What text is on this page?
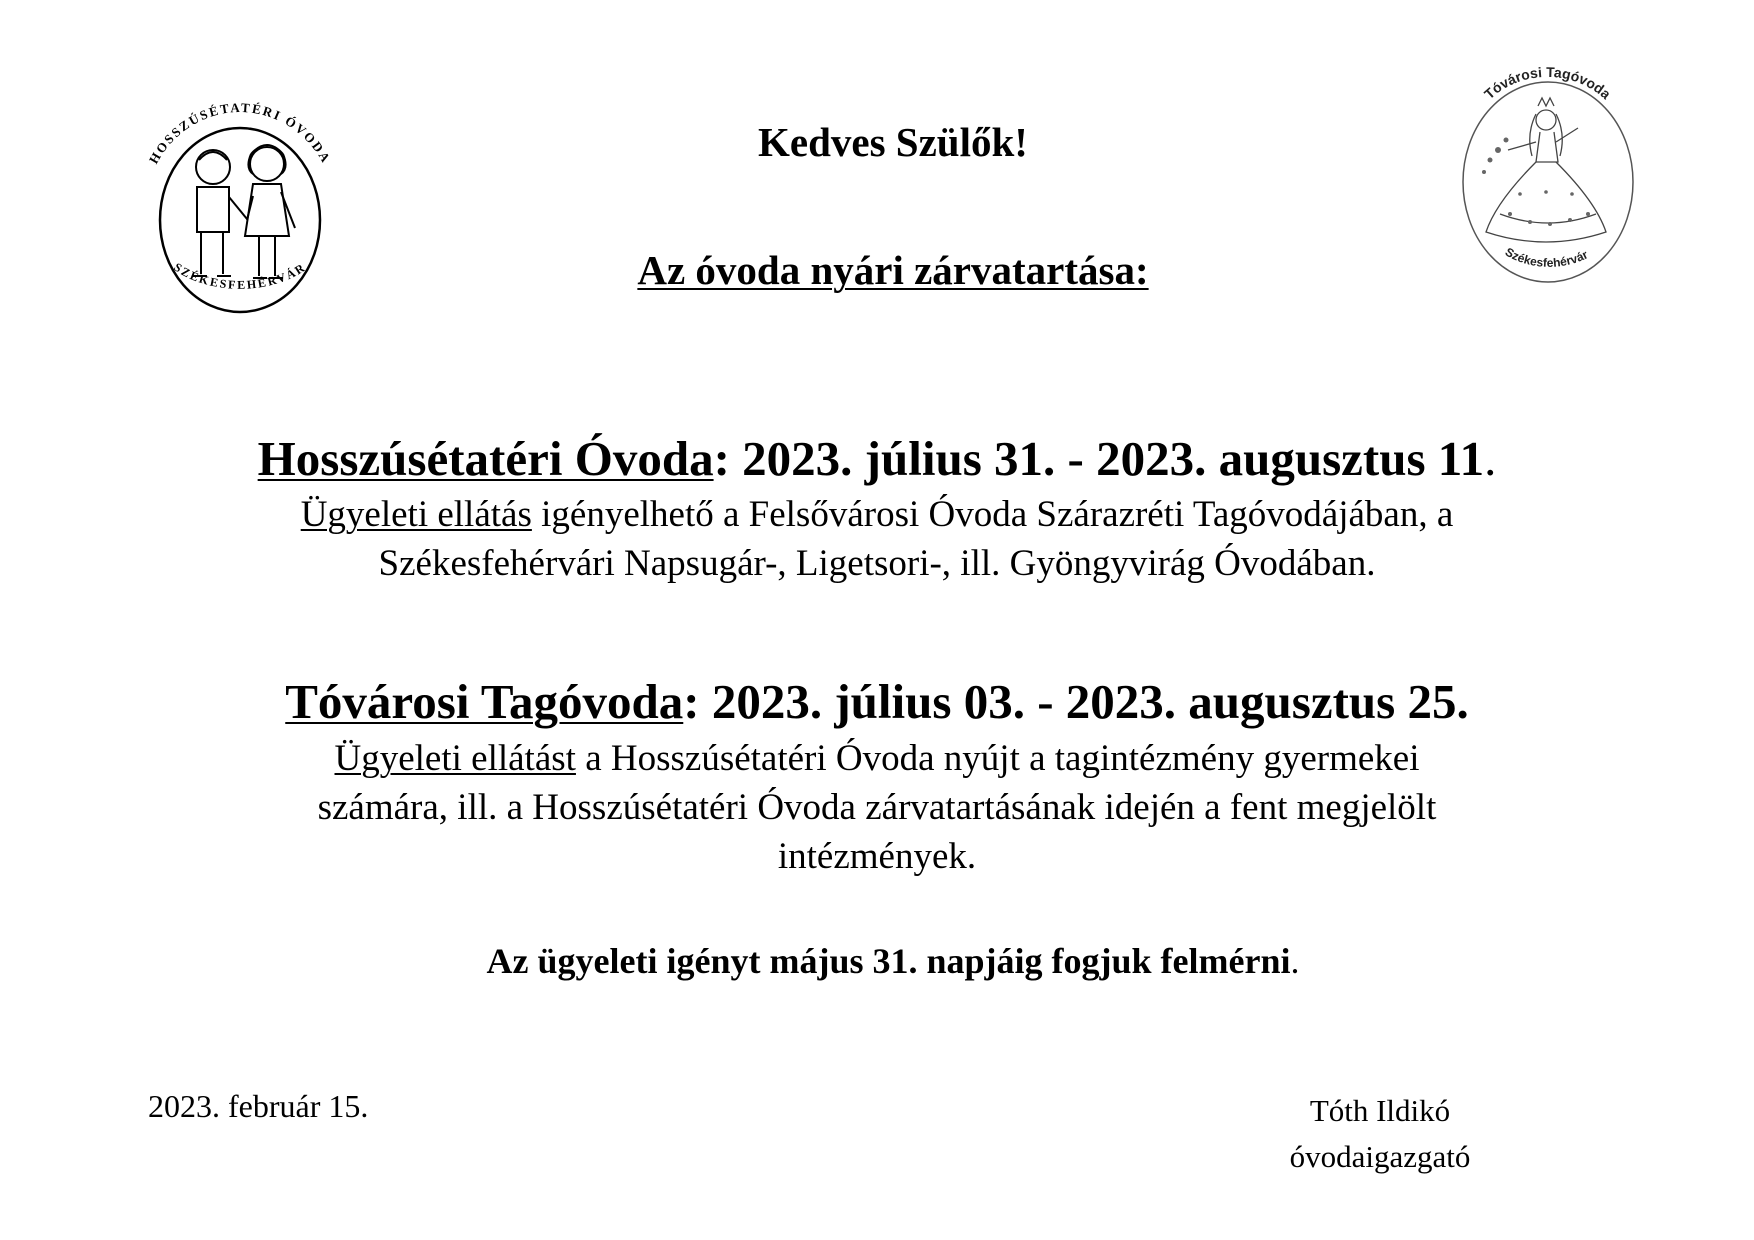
HOSSZÚSÉTATÉRI ÓVODA
SZÉKESFEHÉRVÁR
Tóvárosi Tagóvoda
Székesfehérvár
Kedves Szülők!
Az óvoda nyári zárvatartása:
Hosszúsétatéri Óvoda: 2023. július 31. - 2023. augusztus 11.
Ügyeleti ellátás igényelhető a Felsővárosi Óvoda Szárazréti Tagóvodájában, a
Székesfehérvári Napsugár-, Ligetsori-, ill. Gyöngyvirág Óvodában.
Tóvárosi Tagóvoda: 2023. július 03. - 2023. augusztus 25.
Ügyeleti ellátást a Hosszúsétatéri Óvoda nyújt a tagintézmény gyermekei
számára, ill. a Hosszúsétatéri Óvoda zárvatartásának idején a fent megjelölt
intézmények.
Az ügyeleti igényt május 31. napjáig fogjuk felmérni.
2023. február 15.	Tóth Ildikó
óvodaigazgató
